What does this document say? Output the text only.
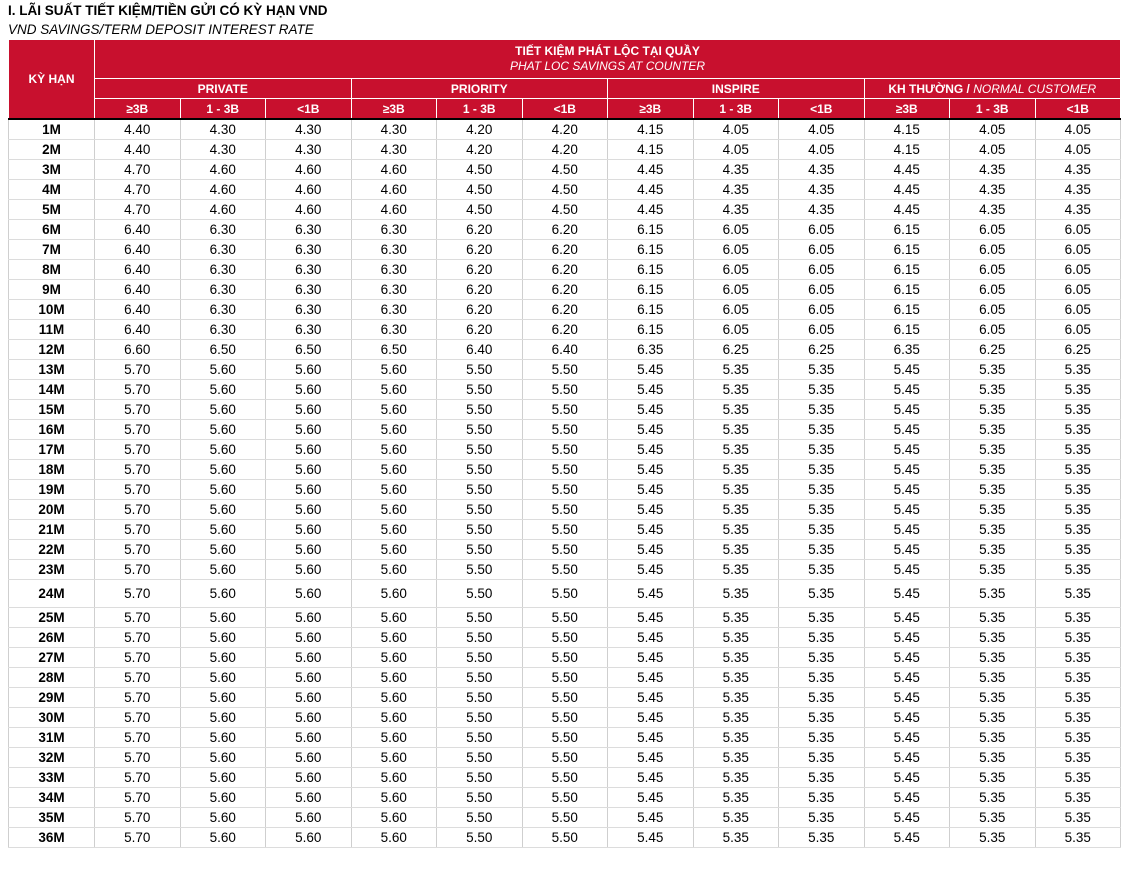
I. LÃI SUẤT TIẾT KIỆM/TIỀN GỬI CÓ KỲ HẠN VND
VND SAVINGS/TERM DEPOSIT INTEREST RATE
KỲ HẠN	TIẾT KIỆM PHÁT LỘC TẠI QUẦY
PHAT LOC SAVINGS AT COUNTER											

	PRIVATE			PRIORITY			INSPIRE			KH THƯỜNG / NORMAL CUSTOMER		
	≥3B	1 - 3B	<1B	≥3B	1 - 3B	<1B	≥3B	1 - 3B	<1B	≥3B	1 - 3B	<1B
1M	4.40	4.30	4.30	4.30	4.20	4.20	4.15	4.05	4.05	4.15	4.05	4.05
2M	4.40	4.30	4.30	4.30	4.20	4.20	4.15	4.05	4.05	4.15	4.05	4.05
3M	4.70	4.60	4.60	4.60	4.50	4.50	4.45	4.35	4.35	4.45	4.35	4.35
4M	4.70	4.60	4.60	4.60	4.50	4.50	4.45	4.35	4.35	4.45	4.35	4.35
5M	4.70	4.60	4.60	4.60	4.50	4.50	4.45	4.35	4.35	4.45	4.35	4.35
6M	6.40	6.30	6.30	6.30	6.20	6.20	6.15	6.05	6.05	6.15	6.05	6.05
7M	6.40	6.30	6.30	6.30	6.20	6.20	6.15	6.05	6.05	6.15	6.05	6.05
8M	6.40	6.30	6.30	6.30	6.20	6.20	6.15	6.05	6.05	6.15	6.05	6.05
9M	6.40	6.30	6.30	6.30	6.20	6.20	6.15	6.05	6.05	6.15	6.05	6.05
10M	6.40	6.30	6.30	6.30	6.20	6.20	6.15	6.05	6.05	6.15	6.05	6.05
11M	6.40	6.30	6.30	6.30	6.20	6.20	6.15	6.05	6.05	6.15	6.05	6.05
12M	6.60	6.50	6.50	6.50	6.40	6.40	6.35	6.25	6.25	6.35	6.25	6.25
13M	5.70	5.60	5.60	5.60	5.50	5.50	5.45	5.35	5.35	5.45	5.35	5.35
14M	5.70	5.60	5.60	5.60	5.50	5.50	5.45	5.35	5.35	5.45	5.35	5.35
15M	5.70	5.60	5.60	5.60	5.50	5.50	5.45	5.35	5.35	5.45	5.35	5.35
16M	5.70	5.60	5.60	5.60	5.50	5.50	5.45	5.35	5.35	5.45	5.35	5.35
17M	5.70	5.60	5.60	5.60	5.50	5.50	5.45	5.35	5.35	5.45	5.35	5.35
18M	5.70	5.60	5.60	5.60	5.50	5.50	5.45	5.35	5.35	5.45	5.35	5.35
19M	5.70	5.60	5.60	5.60	5.50	5.50	5.45	5.35	5.35	5.45	5.35	5.35
20M	5.70	5.60	5.60	5.60	5.50	5.50	5.45	5.35	5.35	5.45	5.35	5.35
21M	5.70	5.60	5.60	5.60	5.50	5.50	5.45	5.35	5.35	5.45	5.35	5.35
22M	5.70	5.60	5.60	5.60	5.50	5.50	5.45	5.35	5.35	5.45	5.35	5.35
23M	5.70	5.60	5.60	5.60	5.50	5.50	5.45	5.35	5.35	5.45	5.35	5.35
24M	5.70	5.60	5.60	5.60	5.50	5.50	5.45	5.35	5.35	5.45	5.35	5.35
25M	5.70	5.60	5.60	5.60	5.50	5.50	5.45	5.35	5.35	5.45	5.35	5.35
26M	5.70	5.60	5.60	5.60	5.50	5.50	5.45	5.35	5.35	5.45	5.35	5.35
27M	5.70	5.60	5.60	5.60	5.50	5.50	5.45	5.35	5.35	5.45	5.35	5.35
28M	5.70	5.60	5.60	5.60	5.50	5.50	5.45	5.35	5.35	5.45	5.35	5.35
29M	5.70	5.60	5.60	5.60	5.50	5.50	5.45	5.35	5.35	5.45	5.35	5.35
30M	5.70	5.60	5.60	5.60	5.50	5.50	5.45	5.35	5.35	5.45	5.35	5.35
31M	5.70	5.60	5.60	5.60	5.50	5.50	5.45	5.35	5.35	5.45	5.35	5.35
32M	5.70	5.60	5.60	5.60	5.50	5.50	5.45	5.35	5.35	5.45	5.35	5.35
33M	5.70	5.60	5.60	5.60	5.50	5.50	5.45	5.35	5.35	5.45	5.35	5.35
34M	5.70	5.60	5.60	5.60	5.50	5.50	5.45	5.35	5.35	5.45	5.35	5.35
35M	5.70	5.60	5.60	5.60	5.50	5.50	5.45	5.35	5.35	5.45	5.35	5.35
36M	5.70	5.60	5.60	5.60	5.50	5.50	5.45	5.35	5.35	5.45	5.35	5.35
